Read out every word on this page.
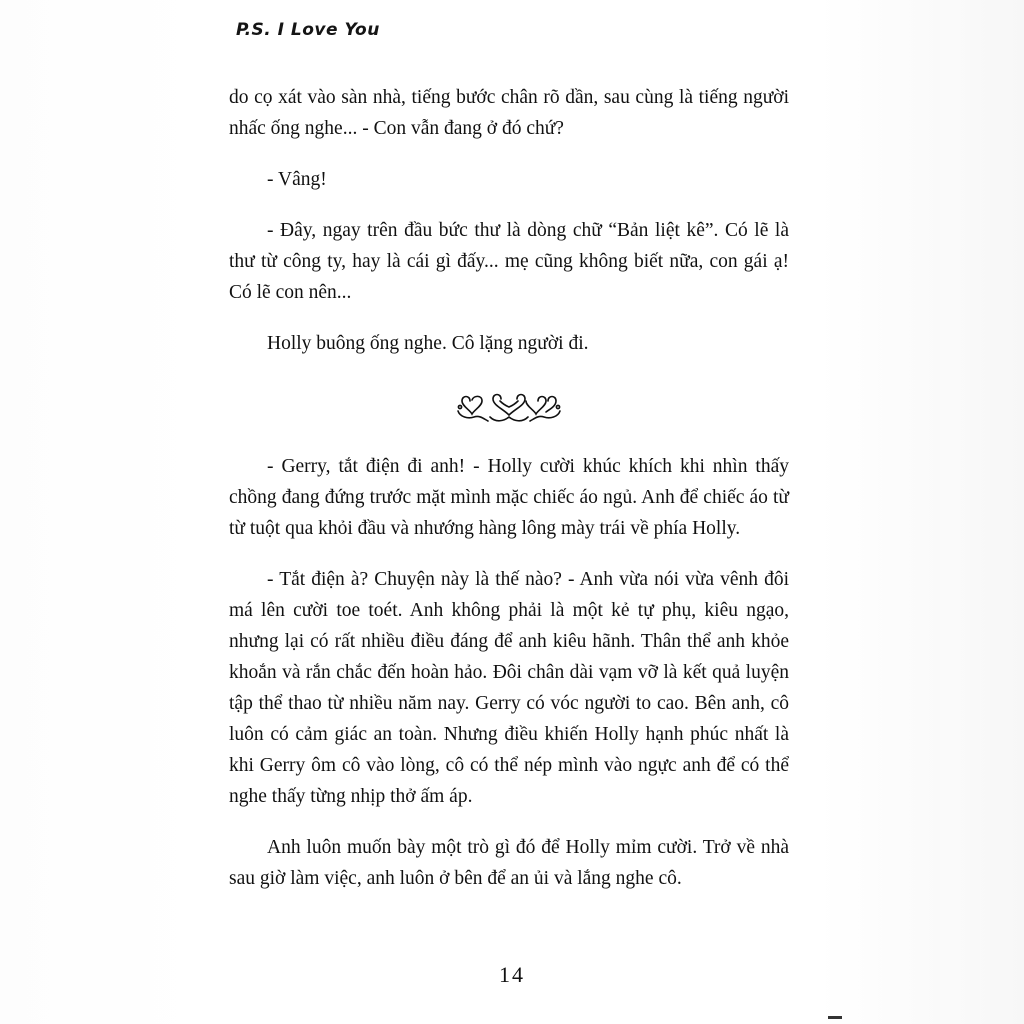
P.S. I Love You

do cọ xát vào sàn nhà, tiếng bước chân rõ dần, sau cùng là tiếng người nhấc ống nghe... - Con vẫn đang ở đó chứ?

- Vâng!

- Đây, ngay trên đầu bức thư là dòng chữ “Bản liệt kê”. Có lẽ là thư từ công ty, hay là cái gì đấy... mẹ cũng không biết nữa, con gái ạ! Có lẽ con nên...

Holly buông ống nghe. Cô lặng người đi.

- Gerry, tắt điện đi anh! - Holly cười khúc khích khi nhìn thấy chồng đang đứng trước mặt mình mặc chiếc áo ngủ. Anh để chiếc áo từ từ tuột qua khỏi đầu và nhướng hàng lông mày trái về phía Holly.

- Tắt điện à? Chuyện này là thế nào? - Anh vừa nói vừa vênh đôi má lên cười toe toét. Anh không phải là một kẻ tự phụ, kiêu ngạo, nhưng lại có rất nhiều điều đáng để anh kiêu hãnh. Thân thể anh khỏe khoắn và rắn chắc đến hoàn hảo. Đôi chân dài vạm vỡ là kết quả luyện tập thể thao từ nhiều năm nay. Gerry có vóc người to cao. Bên anh, cô luôn có cảm giác an toàn. Nhưng điều khiến Holly hạnh phúc nhất là khi Gerry ôm cô vào lòng, cô có thể nép mình vào ngực anh để có thể nghe thấy từng nhịp thở ấm áp.

Anh luôn muốn bày một trò gì đó để Holly mỉm cười. Trở về nhà sau giờ làm việc, anh luôn ở bên để an ủi và lắng nghe cô.

14
